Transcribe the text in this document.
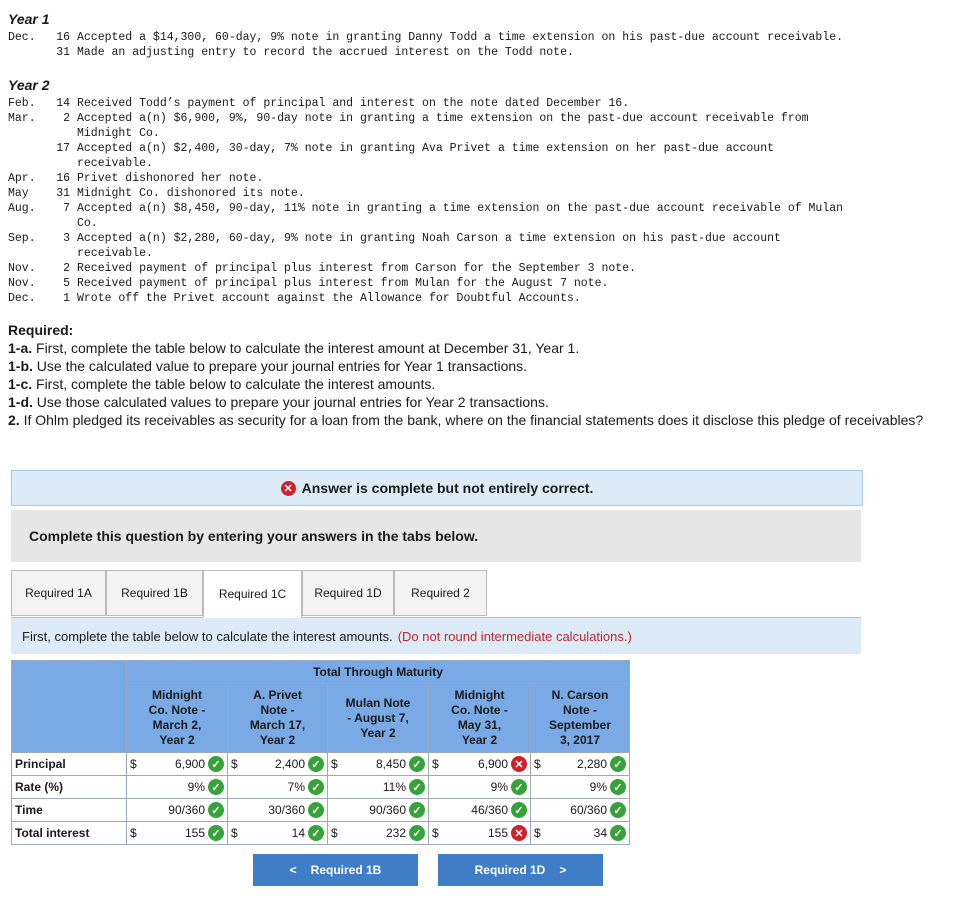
Year 1
Dec. 16 Accepted a $14,300, 60-day, 9% note in granting Danny Todd a time extension on his past-due account receivable.
31 Made an adjusting entry to record the accrued interest on the Todd note.
Year 2
Feb. 14 Received Todd’s payment of principal and interest on the note dated December 16.
Mar. 2 Accepted a(n) $6,900, 9%, 90-day note in granting a time extension on the past-due account receivable from
Midnight Co.
17 Accepted a(n) $2,400, 30-day, 7% note in granting Ava Privet a time extension on her past-due account
receivable.
Apr. 16 Privet dishonored her note.
May 31 Midnight Co. dishonored its note.
Aug. 7 Accepted a(n) $8,450, 90-day, 11% note in granting a time extension on the past-due account receivable of Mulan
Co.
Sep. 3 Accepted a(n) $2,280, 60-day, 9% note in granting Noah Carson a time extension on his past-due account
receivable.
Nov. 2 Received payment of principal plus interest from Carson for the September 3 note.
Nov. 5 Received payment of principal plus interest from Mulan for the August 7 note.
Dec. 1 Wrote off the Privet account against the Allowance for Doubtful Accounts.
Required:
1-a. First, complete the table below to calculate the interest amount at December 31, Year 1.
1-b. Use the calculated value to prepare your journal entries for Year 1 transactions.
1-c. First, complete the table below to calculate the interest amounts.
1-d. Use those calculated values to prepare your journal entries for Year 2 transactions.
2. If Ohlm pledged its receivables as security for a loan from the bank, where on the financial statements does it disclose this pledge of receivables?
✕ Answer is complete but not entirely correct.
Complete this question by entering your answers in the tabs below.
Required 1A	Required 1B	Required 1C	Required 1D	Required 2
First, complete the table below to calculate the interest amounts. (Do not round intermediate calculations.)
	Total Through Maturity				
	Midnight
Co. Note -
March 2,
Year 2	A. Privet
Note -
March 17,
Year 2	Mulan Note
- August 7,
Year 2	Midnight
Co. Note -
May 31,
Year 2	N. Carson
Note -
September
3, 2017
Principal	$ 6,900 ✓	$ 2,400 ✓	$ 8,450 ✓	$ 6,900 ✕	$ 2,280 ✓

Rate (%)	9% ✓	7% ✓	11% ✓	9% ✓	9% ✓

Time	90/360 ✓	30/360 ✓	90/360 ✓	46/360 ✓	60/360 ✓

Total interest	$ 155 ✓	$ 14 ✓	$ 232 ✓	$ 155 ✕	$ 34 ✓
< Required 1B	Required 1D >
